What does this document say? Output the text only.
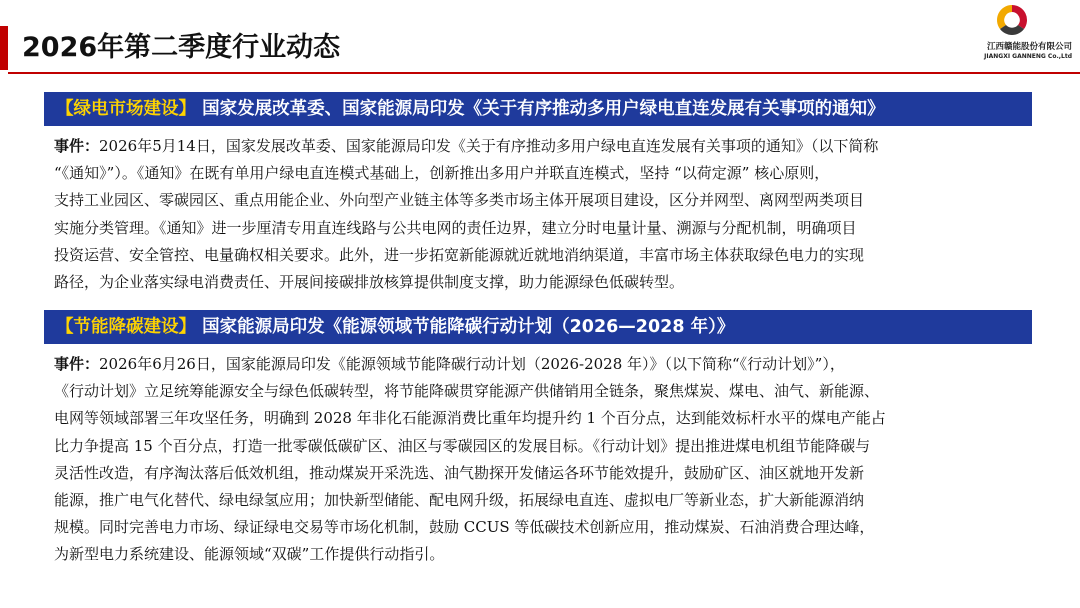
2026年第二季度行业动态	江西赣能股份有限公司
JIANGXI GANNENG Co.,Ltd
【绿电市场建设】 国家发展改革委、国家能源局印发《关于有序推动多用户绿电直连发展有关事项的通知》
事件：2026年5月14日，国家发展改革委、国家能源局印发《关于有序推动多用户绿电直连发展有关事项的通知》（以下简称
“《通知》”）。《通知》在既有单用户绿电直连模式基础上，创新推出多用户并联直连模式，坚持 “以荷定源” 核心原则，
支持工业园区、零碳园区、重点用能企业、外向型产业链主体等多类市场主体开展项目建设，区分并网型、离网型两类项目
实施分类管理。《通知》进一步厘清专用直连线路与公共电网的责任边界，建立分时电量计量、溯源与分配机制，明确项目
投资运营、安全管控、电量确权相关要求。此外，进一步拓宽新能源就近就地消纳渠道，丰富市场主体获取绿色电力的实现
路径，为企业落实绿电消费责任、开展间接碳排放核算提供制度支撑，助力能源绿色低碳转型。
【节能降碳建设】 国家能源局印发《能源领域节能降碳行动计划（2026—2028 年）》
事件：2026年6月26日，国家能源局印发《能源领域节能降碳行动计划（2026-2028 年）》（以下简称“《行动计划》”），
《行动计划》立足统筹能源安全与绿色低碳转型，将节能降碳贯穿能源产供储销用全链条，聚焦煤炭、煤电、油气、新能源、
电网等领域部署三年攻坚任务，明确到 2028 年非化石能源消费比重年均提升约 1 个百分点，达到能效标杆水平的煤电产能占
比力争提高 15 个百分点，打造一批零碳低碳矿区、油区与零碳园区的发展目标。《行动计划》提出推进煤电机组节能降碳与
灵活性改造，有序淘汰落后低效机组，推动煤炭开采洗选、油气勘探开发储运各环节能效提升，鼓励矿区、油区就地开发新
能源，推广电气化替代、绿电绿氢应用；加快新型储能、配电网升级，拓展绿电直连、虚拟电厂等新业态，扩大新能源消纳
规模。同时完善电力市场、绿证绿电交易等市场化机制，鼓励 CCUS 等低碳技术创新应用，推动煤炭、石油消费合理达峰，
为新型电力系统建设、能源领域“双碳”工作提供行动指引。
